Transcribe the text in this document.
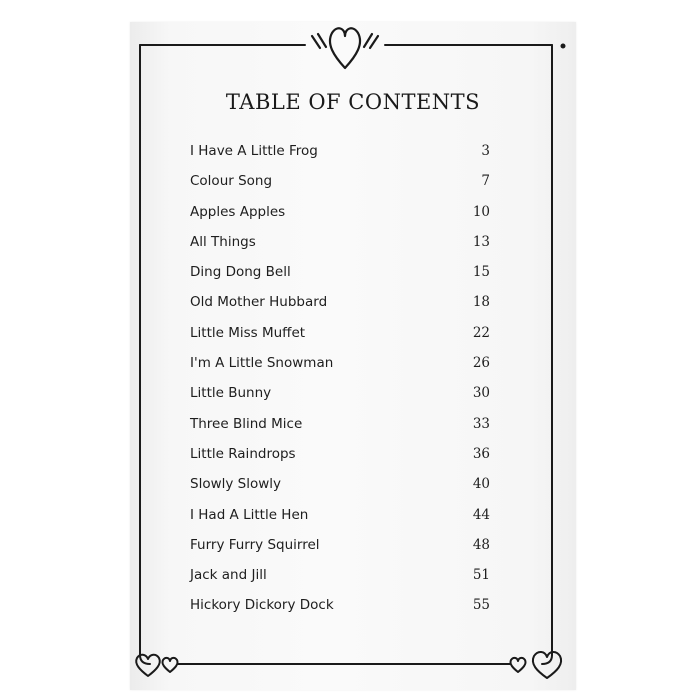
TABLE OF CONTENTS
I Have A Little Frog	3
Colour Song	7
Apples Apples	10
All Things	13
Ding Dong Bell	15
Old Mother Hubbard	18
Little Miss Muffet	22
I'm A Little Snowman	26
Little Bunny	30
Three Blind Mice	33
Little Raindrops	36
Slowly Slowly	40
I Had A Little Hen	44
Furry Furry Squirrel	48
Jack and Jill	51
Hickory Dickory Dock	55
